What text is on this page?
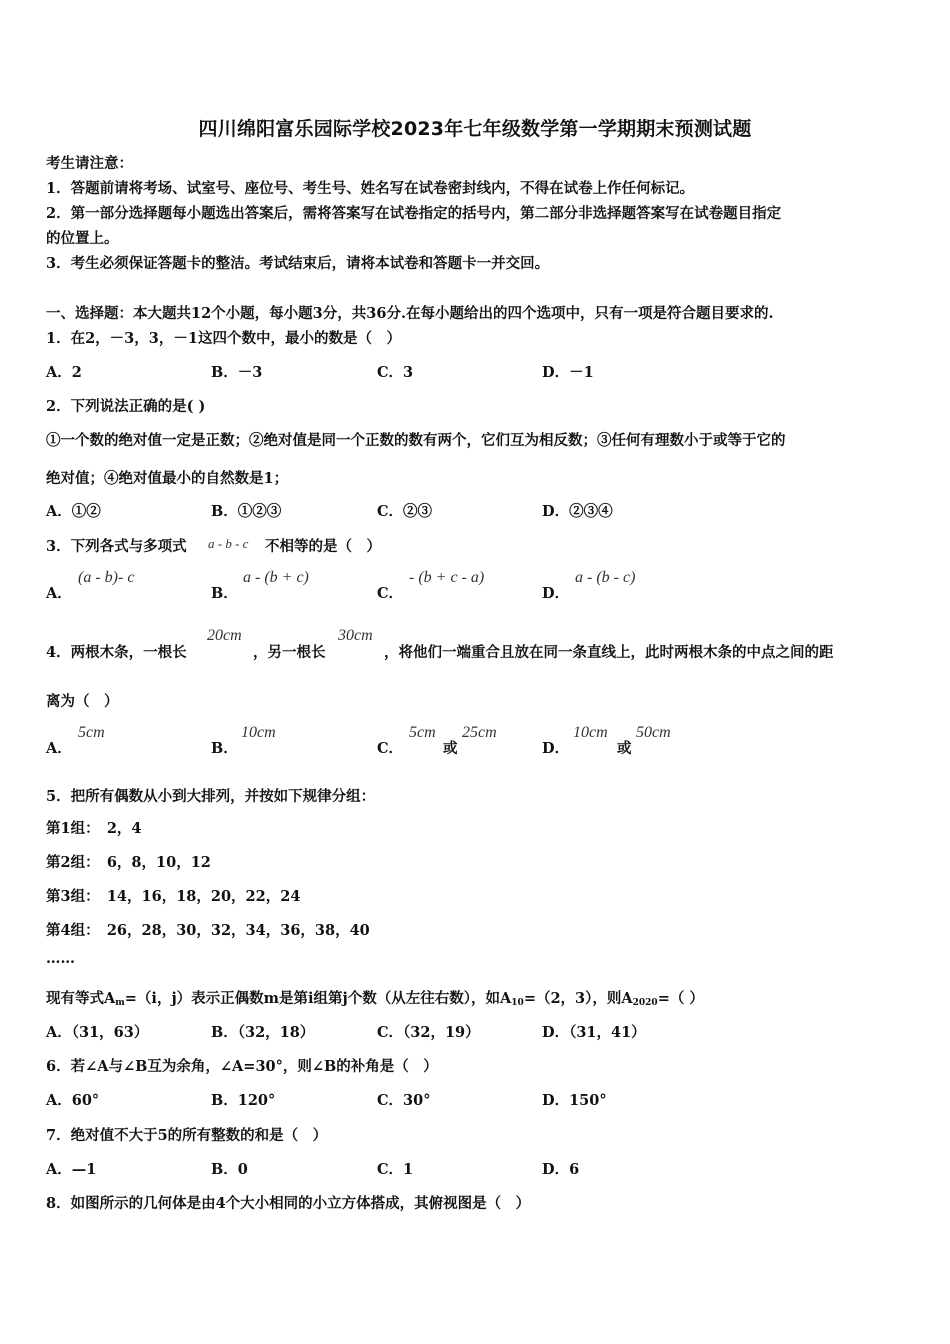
四川绵阳富乐园际学校2023年七年级数学第一学期期末预测试题
考生请注意：
1．答题前请将考场、试室号、座位号、考生号、姓名写在试卷密封线内，不得在试卷上作任何标记。
2．第一部分选择题每小题选出答案后，需将答案写在试卷指定的括号内，第二部分非选择题答案写在试卷题目指定
的位置上。
3．考生必须保证答题卡的整洁。考试结束后，请将本试卷和答题卡一并交回。
一、选择题：本大题共12个小题，每小题3分，共36分.在每小题给出的四个选项中，只有一项是符合题目要求的.
1．在2，－3，3，－1这四个数中，最小的数是（　）
A．2	B．－3	C．3	D．－1
2．下列说法正确的是( )
①一个数的绝对值一定是正数；②绝对值是同一个正数的数有两个，它们互为相反数；③任何有理数小于或等于它的
绝对值；④绝对值最小的自然数是1；
A．①②	B．①②③	C．②③	D．②③④
3．下列各式与多项式 a - b - c 不相等的是（　）
A．
(a - b)- c
B．
a - (b + c)
C．
- (b + c - a)
D．
a - (b - c)
4．两根木条，一根长
20cm
，另一根长
30cm
，将他们一端重合且放在同一条直线上，此时两根木条的中点之间的距
离为（　）
A．
5cm
B．
10cm
C．
5cm
或
25cm
D．
10cm
或
50cm
5．把所有偶数从小到大排列，并按如下规律分组：
第1组：　2，4
第2组：　6，8，10，12
第3组：　14，16，18，20，22，24
第4组：　26，28，30，32，34，36，38，40
……
现有等式$A_m=(i$，j）表示正偶数m是第i组第j个数（从左往右数），如$A_{10}=(2$，3），则$A_{2020}=$（ ）
A．（31，63）	B．（32，18）	C．（32，19）	D．（31，41）
6．若∠A与∠B互为余角，∠A=30°，则∠B的补角是（　）
A．60°	B．120°	C．30°	D．150°
7．绝对值不大于5的所有整数的和是（　）
A．—1	B．0	C．1	D．6
8．如图所示的几何体是由4个大小相同的小立方体搭成，其俯视图是（　）
